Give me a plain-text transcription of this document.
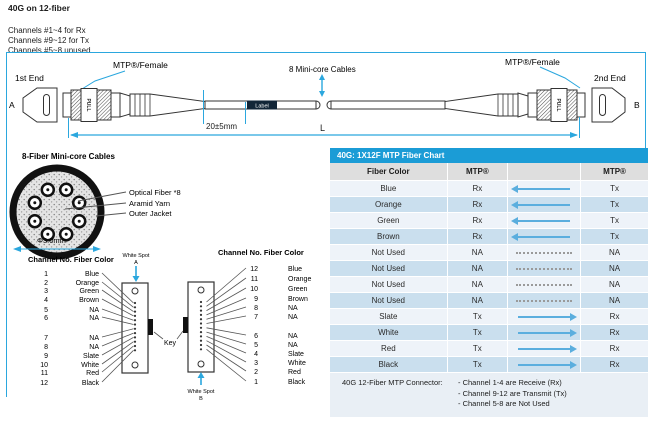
40G on 12-fiber
Channels #1~4 for Rx
Channels #9~12 for Tx
Channels #5~8 unused
1st End
A
MTP®/Female	MTP®/Female
2nd End
B
8 Mini-core Cables
PULL	Label	PULL
20±5mm	L
8-Fiber Mini-core Cables
Optical Fiber *8
Aramid Yarn
Outer Jacket
Φ3.0mm
Channel No. Fiber Color
Channel No. Fiber Color
White Spot
A
1	Blue
2	Orange
3	Green
4	Brown
5	NA
6	NA
7	NA
8	NA
9	Slate
10	White
11	Red
12	Black
Key
White Spot
B
12	Blue
11	Orange
10	Green
9	Brown
8	NA
7	NA
6	NA
5	NA
4	Slate
3	White
2	Red
1	Black
40G: 1X12F MTP Fiber Chart
Fiber Color	MTP®	MTP®
Blue	Rx	Tx
Orange	Rx	Tx
Green	Rx	Tx
Brown	Rx	Tx
Not Used	NA	NA
Not Used	NA	NA
Not Used	NA	NA
Not Used	NA	NA
Slate	Tx	Rx
White	Tx	Rx
Red	Tx	Rx
Black	Tx	Rx
40G 12-Fiber MTP Connector:	- Channel 1-4 are Receive (Rx)
- Channel 9-12 are Transmit (Tx)
- Channel 5-8 are Not Used
